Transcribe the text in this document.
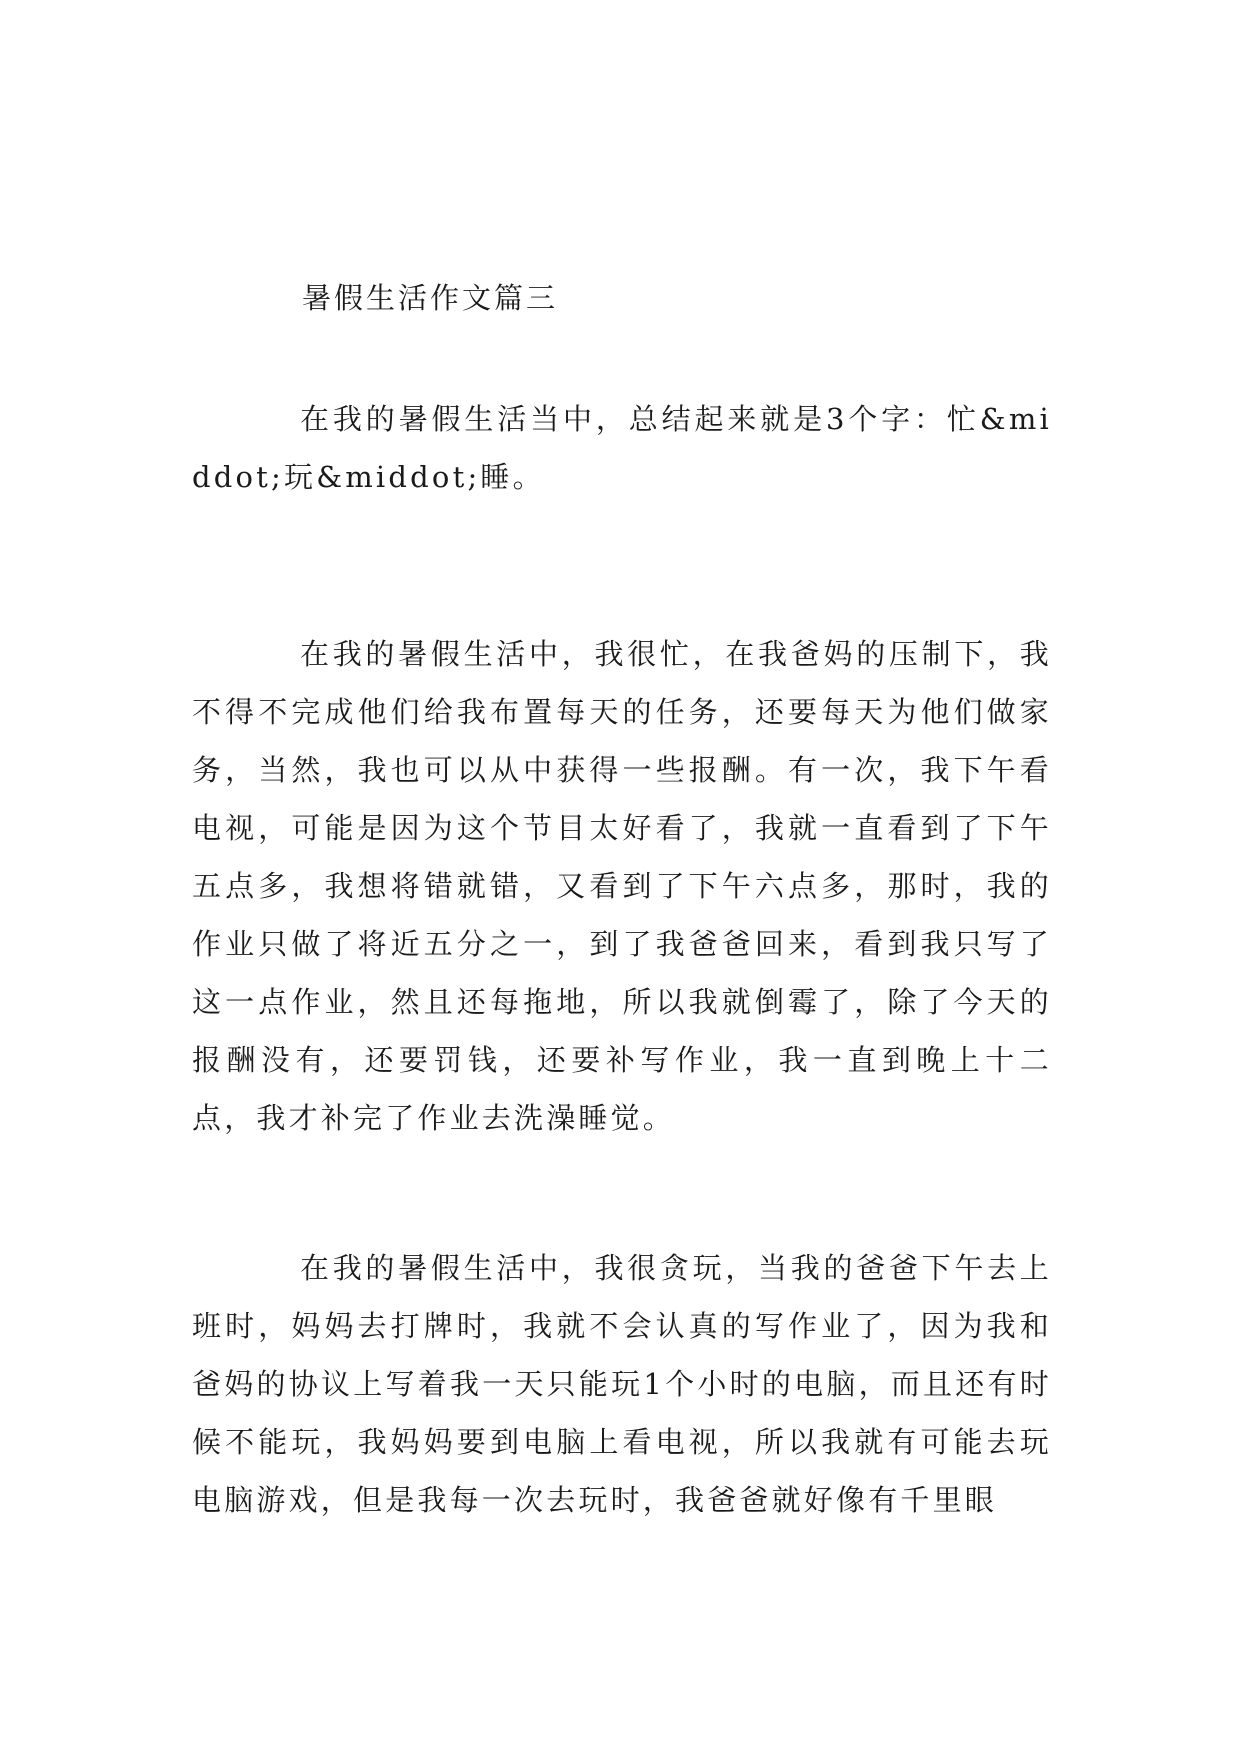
暑假生活作文篇三
在我的暑假生活当中，总结起来就是3个字：忙&middot;玩&middot;睡。
在我的暑假生活中，我很忙，在我爸妈的压制下，我不得不完成他们给我布置每天的任务，还要每天为他们做家务，当然，我也可以从中获得一些报酬。有一次，我下午看电视，可能是因为这个节目太好看了，我就一直看到了下午五点多，我想将错就错，又看到了下午六点多，那时，我的作业只做了将近五分之一，到了我爸爸回来，看到我只写了这一点作业，然且还每拖地，所以我就倒霉了，除了今天的报酬没有，还要罚钱，还要补写作业，我一直到晚上十二点，我才补完了作业去洗澡睡觉。
在我的暑假生活中，我很贪玩，当我的爸爸下午去上班时，妈妈去打牌时，我就不会认真的写作业了，因为我和爸妈的协议上写着我一天只能玩1个小时的电脑，而且还有时候不能玩，我妈妈要到电脑上看电视，所以我就有可能去玩电脑游戏，但是我每一次去玩时，我爸爸就好像有千里眼
